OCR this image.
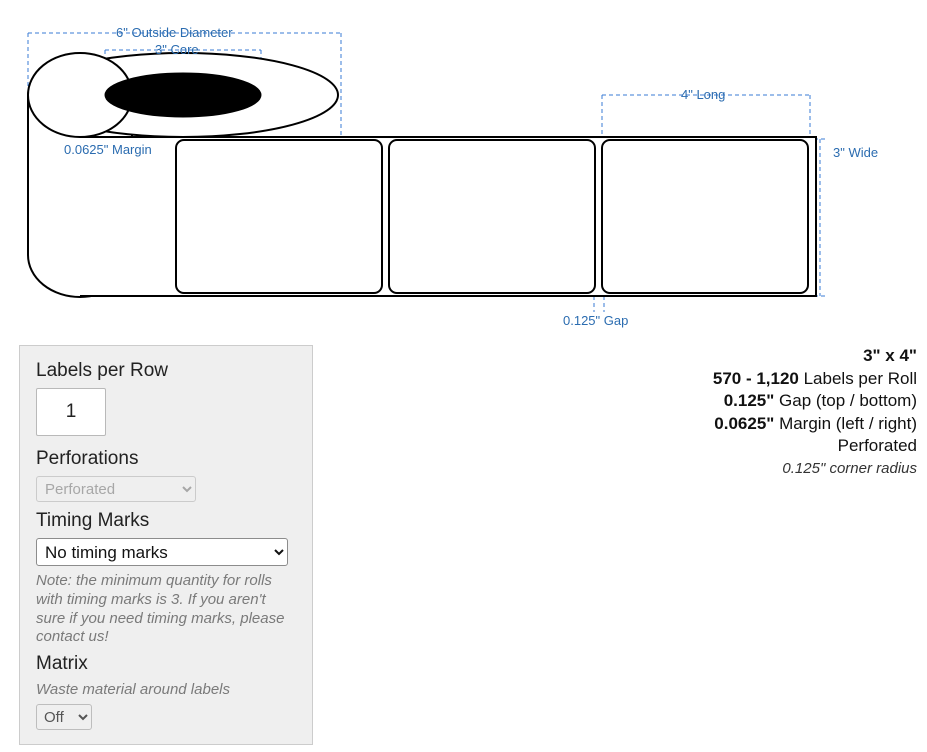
6" Outside Diameter
3" Core
0.0625" Margin
4" Long
3" Wide
0.125" Gap
Labels per Row
1
Perforations
Perforated
Timing Marks
No timing marks
Note: the minimum quantity for rolls with timing marks is 3. If you aren't sure if you need timing marks, please contact us!
Matrix
Waste material around labels
Off
3" x 4"
570 - 1,120 Labels per Roll
0.125" Gap (top / bottom)
0.0625" Margin (left / right)
Perforated
0.125" corner radius
